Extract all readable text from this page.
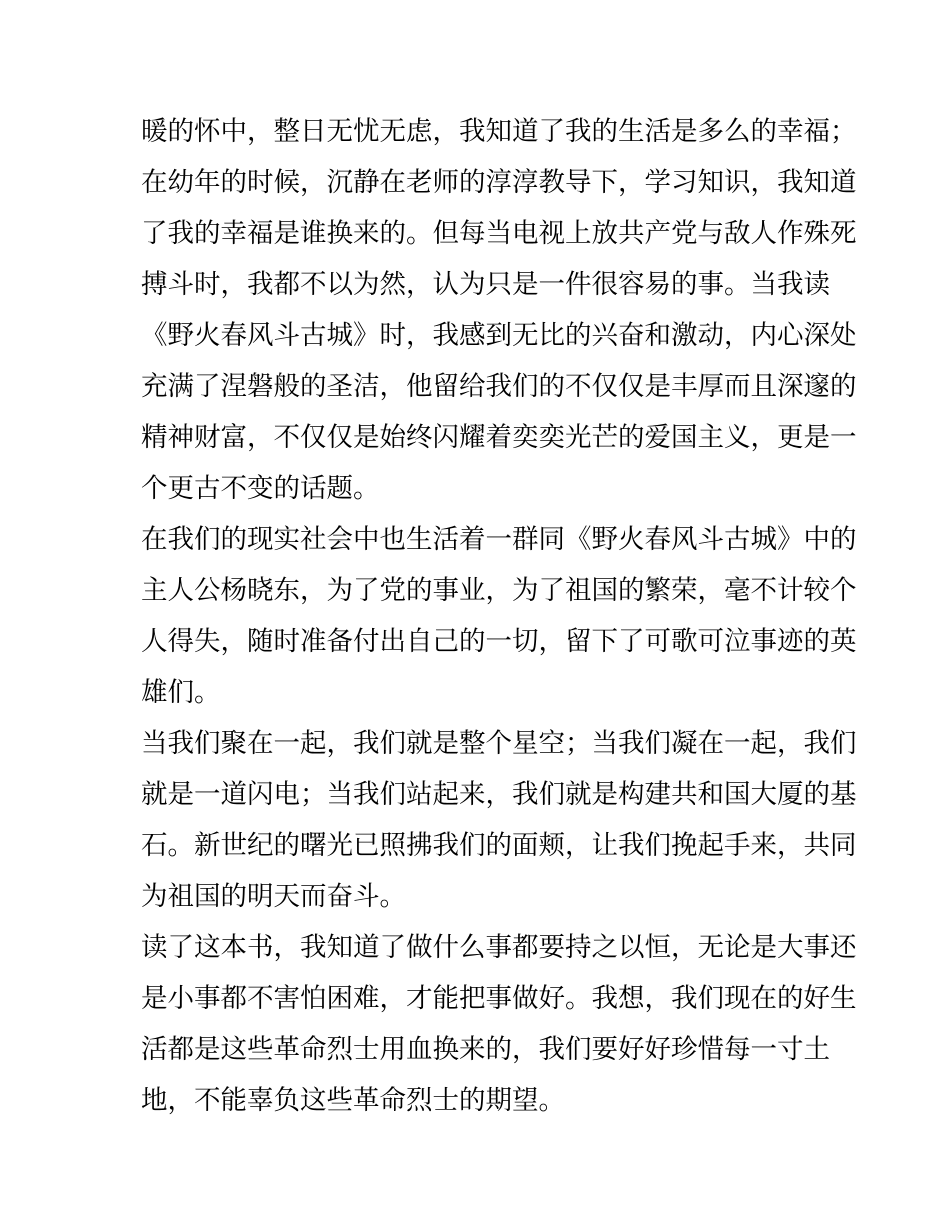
暖的怀中，整日无忧无虑，我知道了我的生活是多么的幸福；
在幼年的时候，沉静在老师的淳淳教导下，学习知识，我知道
了我的幸福是谁换来的。但每当电视上放共产党与敌人作殊死
搏斗时，我都不以为然，认为只是一件很容易的事。当我读
《野火春风斗古城》时，我感到无比的兴奋和激动，内心深处
充满了涅磐般的圣洁，他留给我们的不仅仅是丰厚而且深邃的
精神财富，不仅仅是始终闪耀着奕奕光芒的爱国主义，更是一
个更古不变的话题。
在我们的现实社会中也生活着一群同《野火春风斗古城》中的
主人公杨晓东，为了党的事业，为了祖国的繁荣，毫不计较个
人得失，随时准备付出自己的一切，留下了可歌可泣事迹的英
雄们。
当我们聚在一起，我们就是整个星空；当我们凝在一起，我们
就是一道闪电；当我们站起来，我们就是构建共和国大厦的基
石。新世纪的曙光已照拂我们的面颊，让我们挽起手来，共同
为祖国的明天而奋斗。
读了这本书，我知道了做什么事都要持之以恒，无论是大事还
是小事都不害怕困难，才能把事做好。我想，我们现在的好生
活都是这些革命烈士用血换来的，我们要好好珍惜每一寸土
地，不能辜负这些革命烈士的期望。
